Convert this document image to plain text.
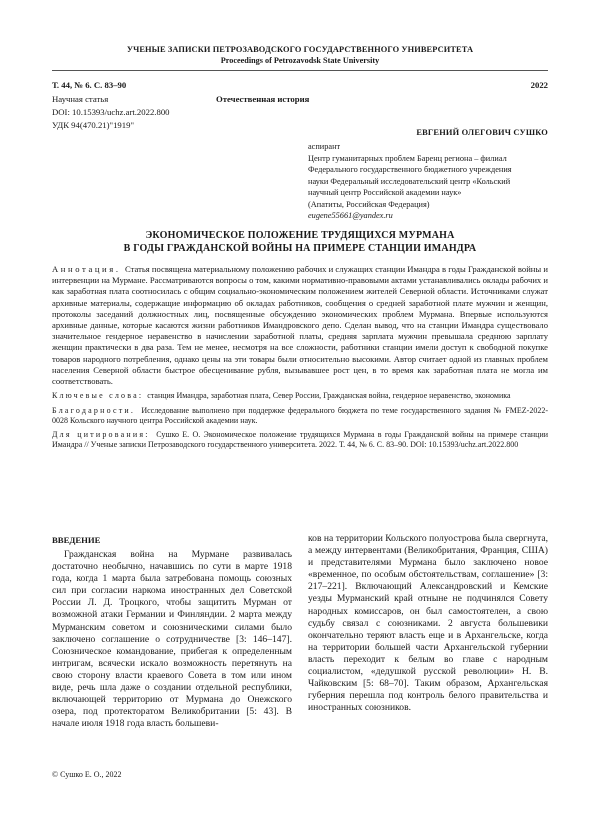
УЧЕНЫЕ ЗАПИСКИ ПЕТРОЗАВОДСКОГО ГОСУДАРСТВЕННОГО УНИВЕРСИТЕТА
Proceedings of Petrozavodsk State University
Т. 44, № 6. С. 83–90	2022
Научная статья	Отечественная история
DOI: 10.15393/uchz.art.2022.800
УДК 94(470.21)"1919"
ЕВГЕНИЙ ОЛЕГОВИЧ СУШКО
аспирант
Центр гуманитарных проблем Баренц региона – филиал
Федерального государственного бюджетного учреждения
науки Федеральный исследовательский центр «Кольский
научный центр Российской академии наук»
(Апатиты, Российская Федерация)
eugene55661@yandex.ru
ЭКОНОМИЧЕСКОЕ ПОЛОЖЕНИЕ ТРУДЯЩИХСЯ МУРМАНА
В ГОДЫ ГРАЖДАНСКОЙ ВОЙНЫ НА ПРИМЕРЕ СТАНЦИИ ИМАНДРА

Аннотация. Статья посвящена материальному положению рабочих и служащих станции Имандра в годы Гражданской войны и интервенции на Мурмане. Рассматриваются вопросы о том, какими нормативно-правовыми актами устанавливались оклады рабочих и как заработная плата соотносилась с общим социально-экономическим положением жителей Северной области. Источниками служат архивные материалы, содержащие информацию об окладах работников, сообщения о средней заработной плате мужчин и женщин, протоколы заседаний должностных лиц, посвященные обсуждению экономических проблем Мурмана. Впервые используются архивные данные, которые касаются жизни работников Имандровского депо. Сделан вывод, что на станции Имандра существовало значительное гендерное неравенство в начислении заработной платы, средняя зарплата мужчин превышала среднюю зарплату женщин практически в два раза. Тем не менее, несмотря на все сложности, работники станции имели доступ к свободной покупке товаров народного потребления, однако цены на эти товары были относительно высокими. Автор считает одной из главных проблем населения Северной области быстрое обесценивание рубля, вызывавшее рост цен, в то время как заработная плата не могла им соответствовать.

Ключевые слова: станция Имандра, заработная плата, Север России, Гражданская война, гендерное неравенство, экономика

Благодарности. Исследование выполнено при поддержке федерального бюджета по теме государственного задания № FMEZ-2022-0028 Кольского научного центра Российской академии наук.

Для цитирования: Сушко Е. О. Экономическое положение трудящихся Мурмана в годы Гражданской войны на примере станции Имандра // Ученые записки Петрозаводского государственного университета. 2022. Т. 44, № 6. С. 83–90. DOI: 10.15393/uchz.art.2022.800

ВВЕДЕНИЕ

Гражданская война на Мурмане развивалась достаточно необычно, начавшись по сути в марте 1918 года, когда 1 марта была затребована помощь союзных сил при согласии наркома иностранных дел Советской России Л. Д. Троцкого, чтобы защитить Мурман от возможной атаки Германии и Финляндии. 2 марта между Мурманским советом и союзническими силами было заключено соглашение о сотрудничестве [3: 146–147]. Союзническое командование, прибегая к определенным интригам, всячески искало возможность перетянуть на свою сторону власти краевого Совета в том или ином виде, речь шла даже о создании отдельной республики, включающей территорию от Мурмана до Онежского озера, под протекторатом Великобритании [5: 43]. В начале июля 1918 года власть большеви-

ков на территории Кольского полуострова была свергнута, а между интервентами (Великобритания, Франция, США) и представителями Мурмана было заключено новое «временное, по особым обстоятельствам, соглашение» [3: 217–221]. Включающий Александровский и Кемские уезды Мурманский край отныне не подчинялся Совету народных комиссаров, он был самостоятелен, а свою судьбу связал с союзниками. 2 августа большевики окончательно теряют власть еще и в Архангельске, когда на территории большей части Архангельской губернии власть переходит к белым во главе с народным социалистом, «дедушкой русской революции» Н. В. Чайковским [5: 68–70]. Таким образом, Архангельская губерния перешла под контроль белого правительства и иностранных союзников.

© Сушко Е. О., 2022
